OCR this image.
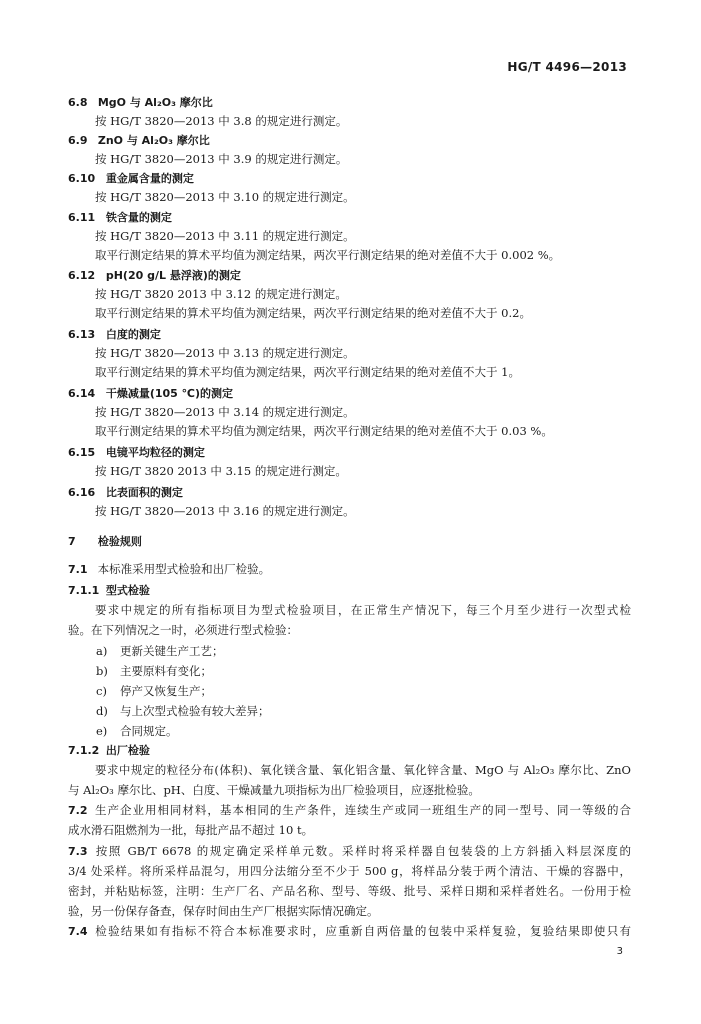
HG/T 4496—2013
6.8 MgO 与 Al₂O₃ 摩尔比
按 HG/T 3820—2013 中 3.8 的规定进行测定。
6.9 ZnO 与 Al₂O₃ 摩尔比
按 HG/T 3820—2013 中 3.9 的规定进行测定。
6.10 重金属含量的测定
按 HG/T 3820—2013 中 3.10 的规定进行测定。
6.11 铁含量的测定
按 HG/T 3820—2013 中 3.11 的规定进行测定。
取平行测定结果的算术平均值为测定结果，两次平行测定结果的绝对差值不大于 0.002 %。
6.12 pH(20 g/L 悬浮液)的测定
按 HG/T 3820 2013 中 3.12 的规定进行测定。
取平行测定结果的算术平均值为测定结果，两次平行测定结果的绝对差值不大于 0.2。
6.13 白度的测定
按 HG/T 3820—2013 中 3.13 的规定进行测定。
取平行测定结果的算术平均值为测定结果，两次平行测定结果的绝对差值不大于 1。
6.14 干燥减量(105 ℃)的测定
按 HG/T 3820—2013 中 3.14 的规定进行测定。
取平行测定结果的算术平均值为测定结果，两次平行测定结果的绝对差值不大于 0.03 %。
6.15 电镜平均粒径的测定
按 HG/T 3820 2013 中 3.15 的规定进行测定。
6.16 比表面积的测定
按 HG/T 3820—2013 中 3.16 的规定进行测定。
7 检验规则
7.1 本标准采用型式检验和出厂检验。
7.1.1 型式检验
要求中规定的所有指标项目为型式检验项目，在正常生产情况下，每三个月至少进行一次型式检
验。在下列情况之一时，必须进行型式检验：
a) 更新关键生产工艺；
b) 主要原料有变化；
c) 停产又恢复生产；
d) 与上次型式检验有较大差异；
e) 合同规定。
7.1.2 出厂检验
要求中规定的粒径分布(体积)、氧化镁含量、氧化铝含量、氧化锌含量、MgO 与 Al₂O₃ 摩尔比、ZnO
与 Al₂O₃ 摩尔比、pH、白度、干燥减量九项指标为出厂检验项目，应逐批检验。
7.2 生产企业用相同材料，基本相同的生产条件，连续生产或同一班组生产的同一型号、同一等级的合
成水滑石阻燃剂为一批，每批产品不超过 10 t。
7.3 按照 GB/T 6678 的规定确定采样单元数。采样时将采样器自包装袋的上方斜插入料层深度的
3/4 处采样。将所采样品混匀，用四分法缩分至不少于 500 g，将样品分装于两个清洁、干燥的容器中，
密封，并粘贴标签，注明：生产厂名、产品名称、型号、等级、批号、采样日期和采样者姓名。一份用于检
验，另一份保存备查，保存时间由生产厂根据实际情况确定。
7.4 检验结果如有指标不符合本标准要求时，应重新自两倍量的包装中采样复验，复验结果即使只有
3
